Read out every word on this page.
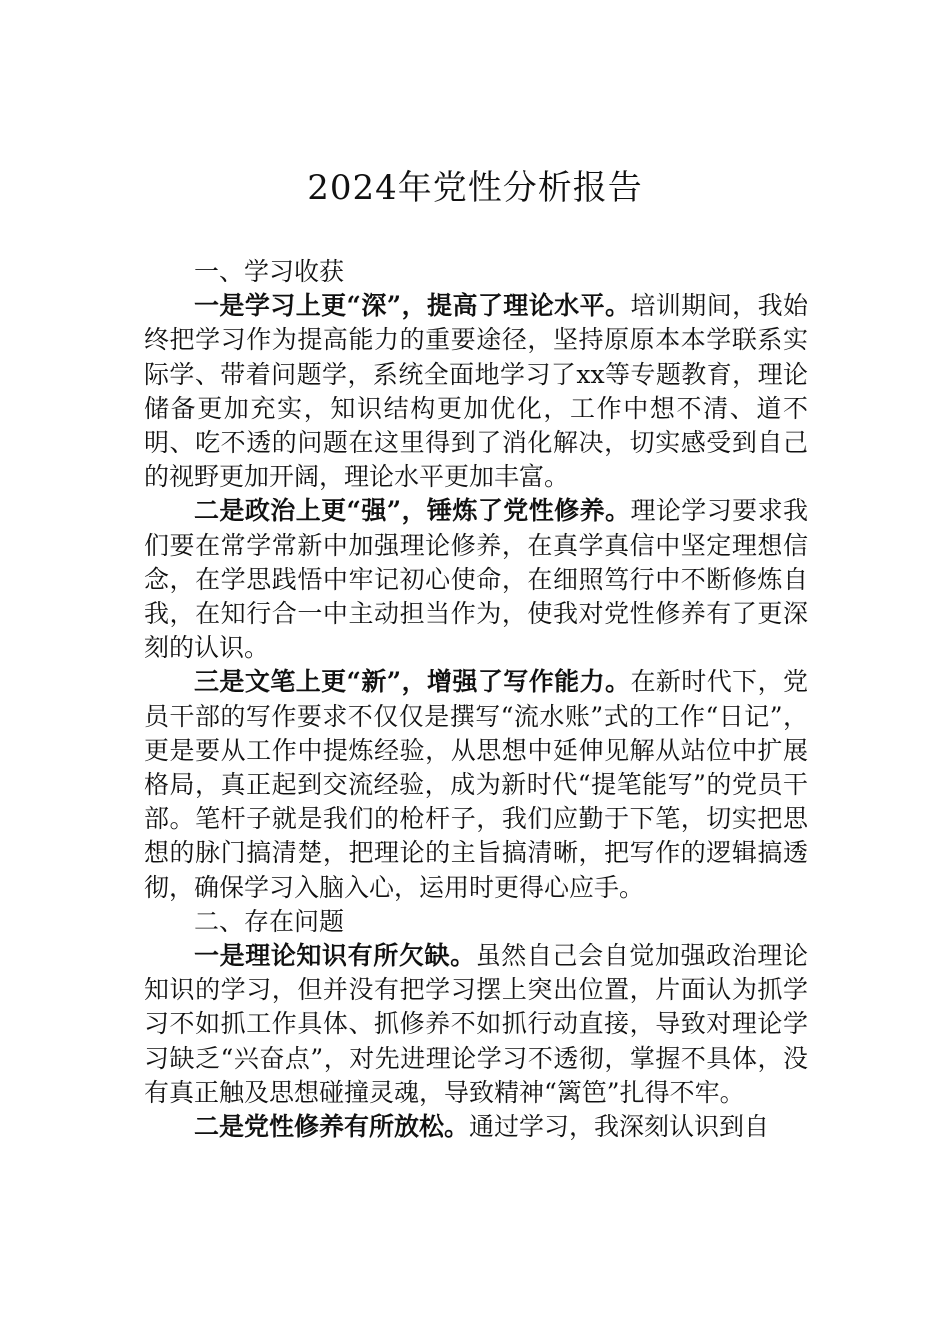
2024年党性分析报告

一、学习收获

一是学习上更“深”，提高了理论水平。培训期间，我始终把学习作为提高能力的重要途径，坚持原原本本学联系实际学、带着问题学，系统全面地学习了xx等专题教育，理论储备更加充实，知识结构更加优化，工作中想不清、道不明、吃不透的问题在这里得到了消化解决，切实感受到自己的视野更加开阔，理论水平更加丰富。

二是政治上更“强”，锤炼了党性修养。理论学习要求我们要在常学常新中加强理论修养，在真学真信中坚定理想信念，在学思践悟中牢记初心使命，在细照笃行中不断修炼自我，在知行合一中主动担当作为，使我对党性修养有了更深刻的认识。

三是文笔上更“新”，增强了写作能力。在新时代下，党员干部的写作要求不仅仅是撰写“流水账”式的工作“日记”，更是要从工作中提炼经验，从思想中延伸见解从站位中扩展格局，真正起到交流经验，成为新时代“提笔能写”的党员干部。笔杆子就是我们的枪杆子，我们应勤于下笔，切实把思想的脉门搞清楚，把理论的主旨搞清晰，把写作的逻辑搞透彻，确保学习入脑入心，运用时更得心应手。

二、存在问题

一是理论知识有所欠缺。虽然自己会自觉加强政治理论知识的学习，但并没有把学习摆上突出位置，片面认为抓学习不如抓工作具体、抓修养不如抓行动直接，导致对理论学习缺乏“兴奋点”，对先进理论学习不透彻，掌握不具体，没有真正触及思想碰撞灵魂，导致精神“篱笆”扎得不牢。

二是党性修养有所放松。通过学习，我深刻认识到自
